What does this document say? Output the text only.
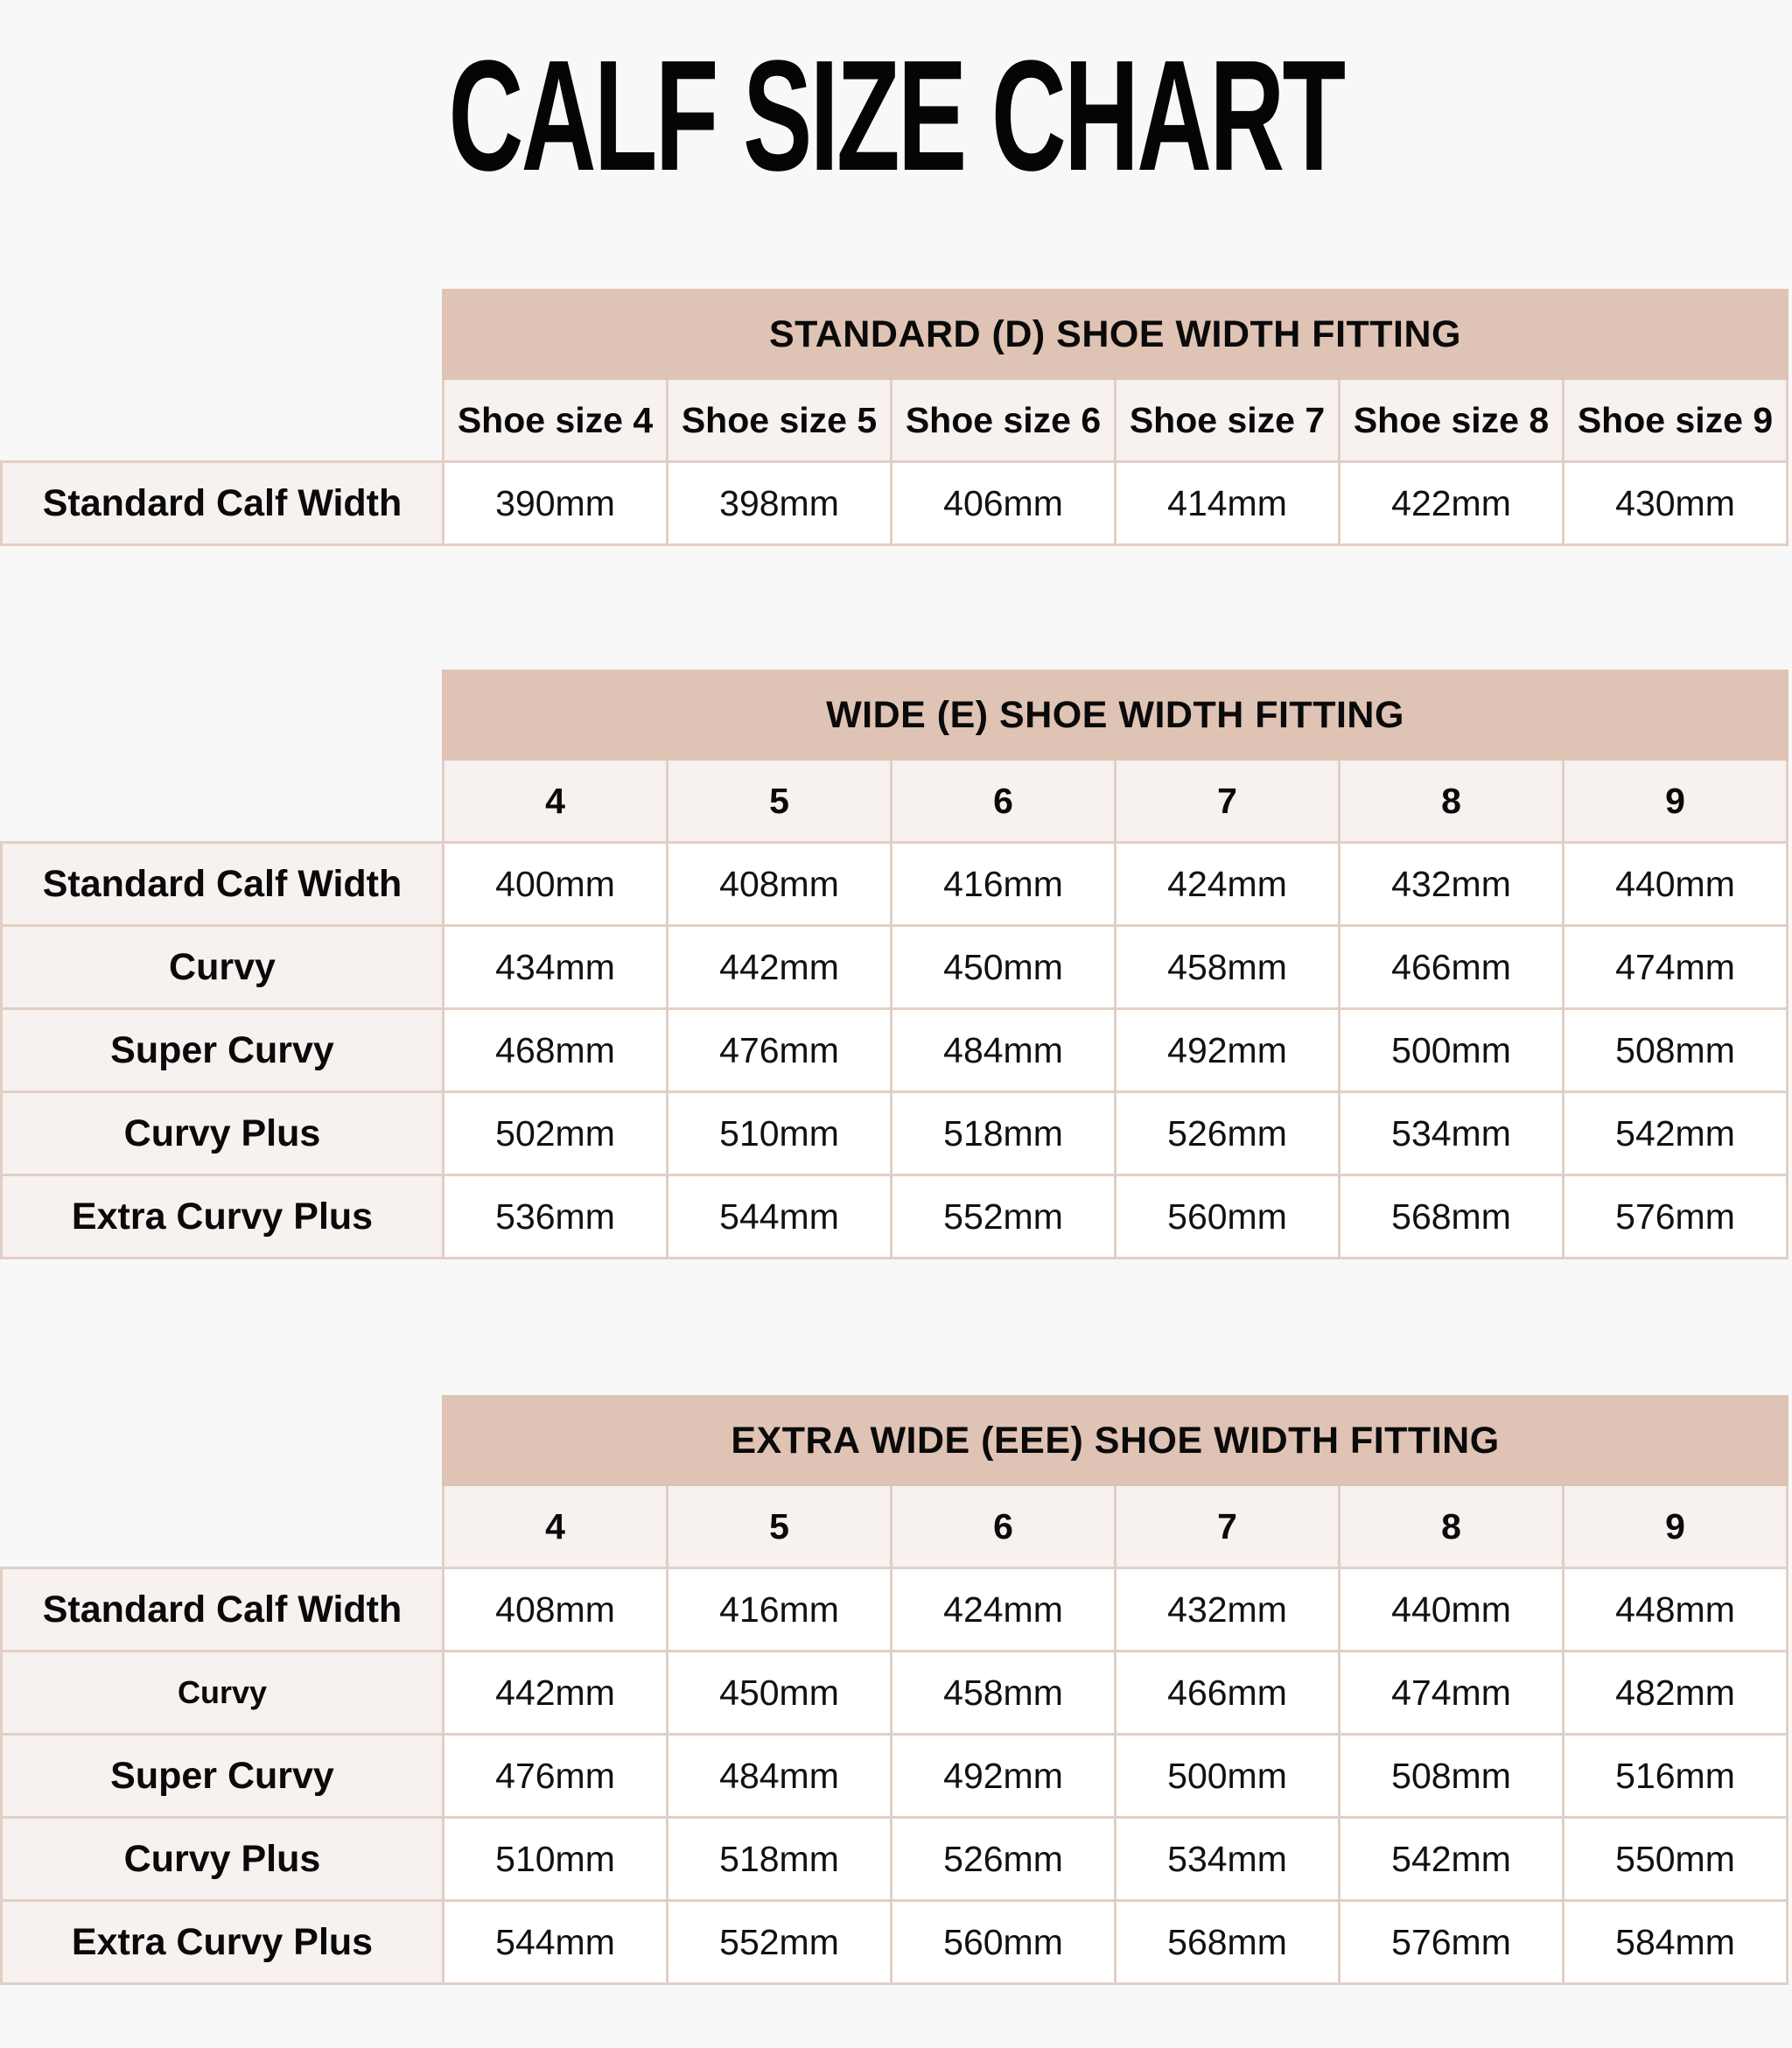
CALF SIZE CHART
	STANDARD (D) SHOE WIDTH FITTING					
	Shoe size 4	Shoe size 5	Shoe size 6	Shoe size 7	Shoe size 8	Shoe size 9
Standard Calf Width	390mm	398mm	406mm	414mm	422mm	430mm
	WIDE (E) SHOE WIDTH FITTING					
	4	5	6	7	8	9
Standard Calf Width	400mm	408mm	416mm	424mm	432mm	440mm
Curvy	434mm	442mm	450mm	458mm	466mm	474mm
Super Curvy	468mm	476mm	484mm	492mm	500mm	508mm
Curvy Plus	502mm	510mm	518mm	526mm	534mm	542mm
Extra Curvy Plus	536mm	544mm	552mm	560mm	568mm	576mm
	EXTRA WIDE (EEE) SHOE WIDTH FITTING					
	4	5	6	7	8	9
Standard Calf Width	408mm	416mm	424mm	432mm	440mm	448mm
Curvy	442mm	450mm	458mm	466mm	474mm	482mm
Super Curvy	476mm	484mm	492mm	500mm	508mm	516mm
Curvy Plus	510mm	518mm	526mm	534mm	542mm	550mm
Extra Curvy Plus	544mm	552mm	560mm	568mm	576mm	584mm
